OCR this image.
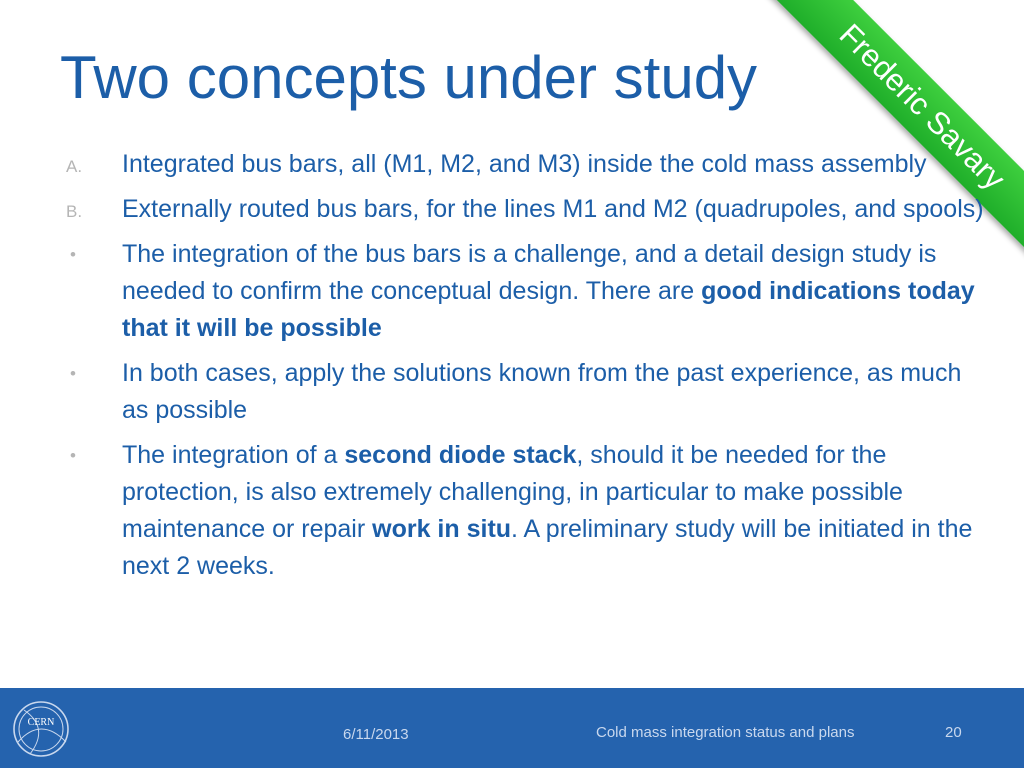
Two concepts under study	Frederic Savary
A. Integrated bus bars, all (M1, M2, and M3) inside the cold mass assembly
B. Externally routed bus bars, for the lines M1 and M2 (quadrupoles, and spools)
• The integration of the bus bars is a challenge, and a detail design study is needed to confirm the conceptual design. There are good indications today that it will be possible
• In both cases, apply the solutions known from the past experience, as much as possible
• The integration of a second diode stack, should it be needed for the protection, is also extremely challenging, in particular to make possible maintenance or repair work in situ. A preliminary study will be initiated in the next 2 weeks.
CERN
6/11/2013	Cold mass integration status and plans	20
